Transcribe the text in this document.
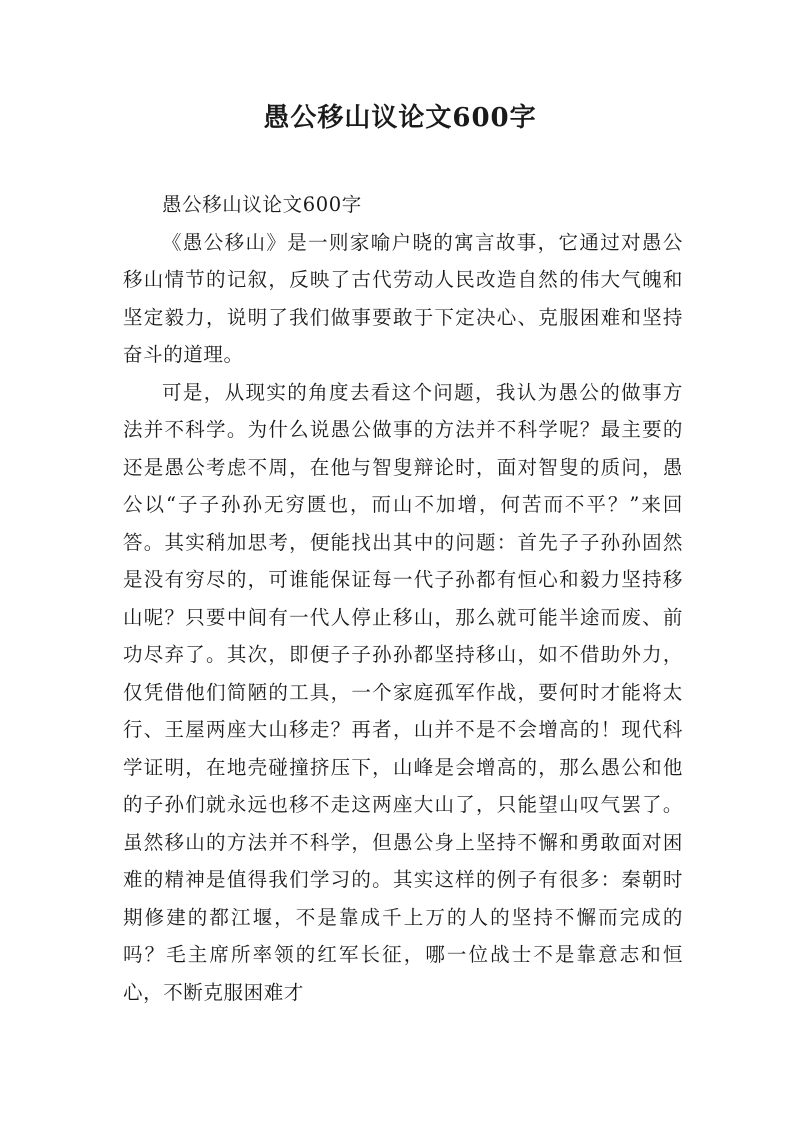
愚公移山议论文600字

愚公移山议论文600字

《愚公移山》是一则家喻户晓的寓言故事，它通过对愚公移山情节的记叙，反映了古代劳动人民改造自然的伟大气魄和坚定毅力，说明了我们做事要敢于下定决心、克服困难和坚持奋斗的道理。

可是，从现实的角度去看这个问题，我认为愚公的做事方法并不科学。为什么说愚公做事的方法并不科学呢？最主要的还是愚公考虑不周，在他与智叟辩论时，面对智叟的质问，愚公以“子子孙孙无穷匮也，而山不加增，何苦而不平？”来回答。其实稍加思考，便能找出其中的问题：首先子子孙孙固然是没有穷尽的，可谁能保证每一代子孙都有恒心和毅力坚持移山呢？只要中间有一代人停止移山，那么就可能半途而废、前功尽弃了。其次，即便子子孙孙都坚持移山，如不借助外力，仅凭借他们简陋的工具，一个家庭孤军作战，要何时才能将太行、王屋两座大山移走？再者，山并不是不会增高的！现代科学证明，在地壳碰撞挤压下，山峰是会增高的，那么愚公和他的子孙们就永远也移不走这两座大山了，只能望山叹气罢了。虽然移山的方法并不科学，但愚公身上坚持不懈和勇敢面对困难的精神是值得我们学习的。其实这样的例子有很多：秦朝时期修建的都江堰，不是靠成千上万的人的坚持不懈而完成的吗？毛主席所率领的红军长征，哪一位战士不是靠意志和恒心，不断克服困难才
